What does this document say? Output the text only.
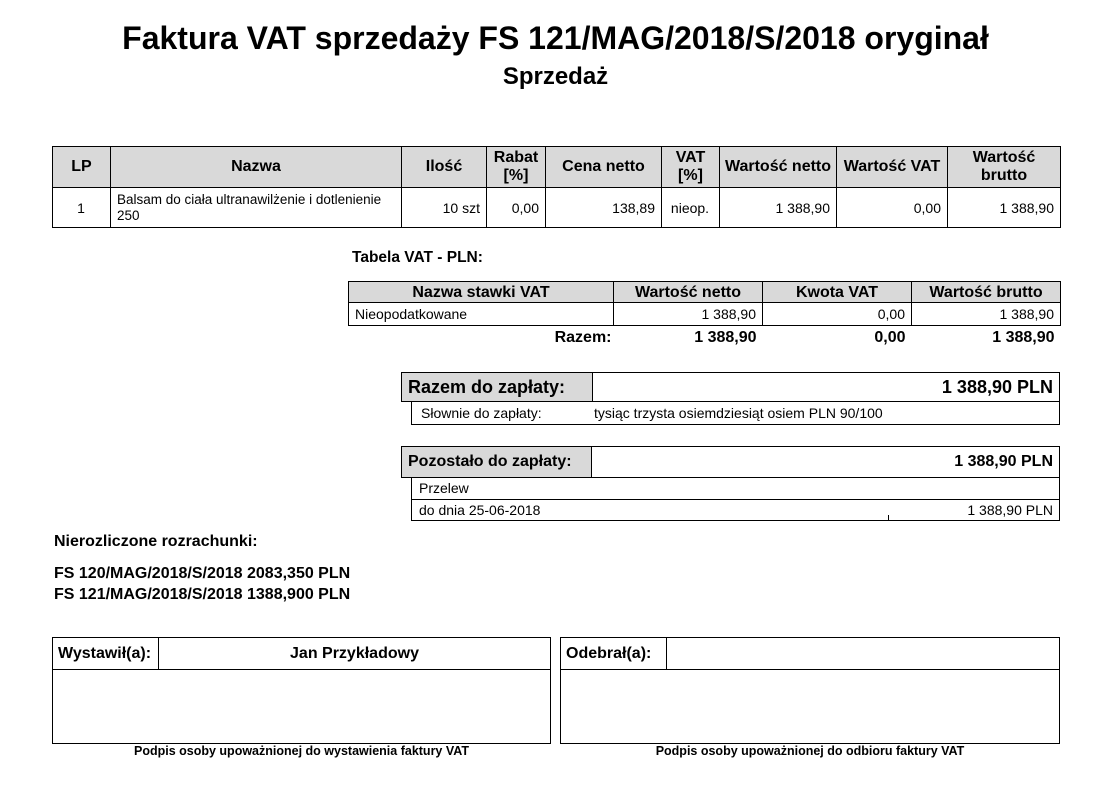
Faktura VAT sprzedaży FS 121/MAG/2018/S/2018 oryginał
Sprzedaż
LP	Nazwa	Ilość	Rabat [%]	Cena netto	VAT [%]	Wartość netto	Wartość VAT	Wartość brutto
1	Balsam do ciała ultranawilżenie i dotlenienie 250	10 szt	0,00	138,89	nieop.	1 388,90	0,00	1 388,90
Tabela VAT - PLN:
Nazwa stawki VAT	Wartość netto	Kwota VAT	Wartość brutto
Nieopodatkowane	1 388,90	0,00	1 388,90
Razem:	1 388,90	0,00	1 388,90
Razem do zapłaty:	1 388,90 PLN
Słownie do zapłaty:	tysiąc trzysta osiemdziesiąt osiem PLN 90/100
Pozostało do zapłaty:	1 388,90 PLN
Przelew
do dnia 25-06-2018	1 388,90 PLN
Nierozliczone rozrachunki:
FS 120/MAG/2018/S/2018 2083,350 PLN
FS 121/MAG/2018/S/2018 1388,900 PLN
Wystawił(a):	Jan Przykładowy
Podpis osoby upoważnionej do wystawienia faktury VAT
Odebrał(a):
Podpis osoby upoważnionej do odbioru faktury VAT
